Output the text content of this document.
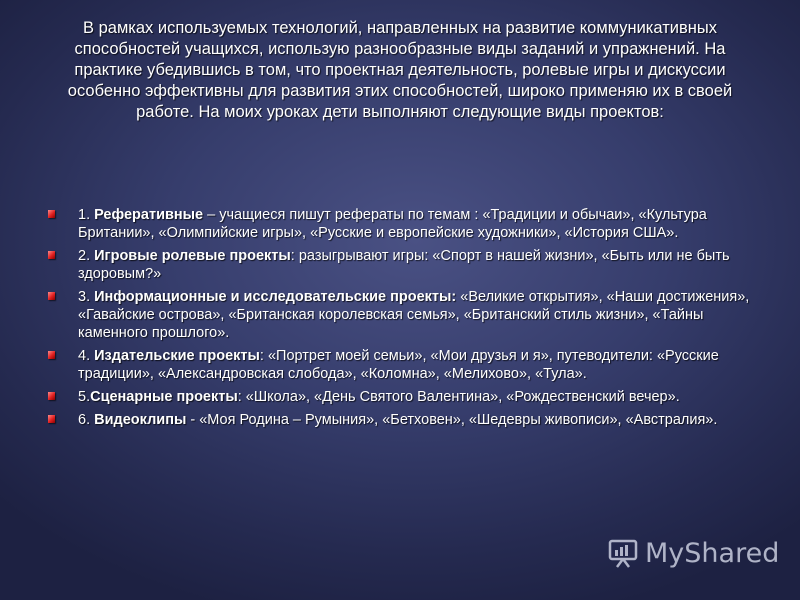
В рамках используемых технологий, направленных на развитие коммуникативных способностей учащихся, использую разнообразные виды заданий и упражнений. На практике убедившись в том, что проектная деятельность, ролевые игры и дискуссии особенно эффективны для развития этих способностей, широко применяю их в своей работе. На моих уроках дети выполняют следующие виды проектов:
1. Реферативные – учащиеся пишут рефераты по темам : «Традиции и обычаи», «Культура Британии», «Олимпийские игры», «Русские и европейские художники», «История США».
2. Игровые ролевые проекты: разыгрывают игры: «Спорт в нашей жизни», «Быть или не быть здоровым?»
3. Информационные и исследовательские проекты: «Великие открытия», «Наши достижения», «Гавайские острова», «Британская королевская семья», «Британский стиль жизни», «Тайны каменного прошлого».
4. Издательские проекты: «Портрет моей семьи», «Мои друзья и я», путеводители: «Русские традиции», «Александровская слобода», «Коломна», «Мелихово», «Тула».
5.Сценарные проекты: «Школа», «День Святого Валентина», «Рождественский вечер».
6. Видеоклипы - «Моя Родина – Румыния», «Бетховен», «Шедевры живописи», «Австралия».
MyShared
